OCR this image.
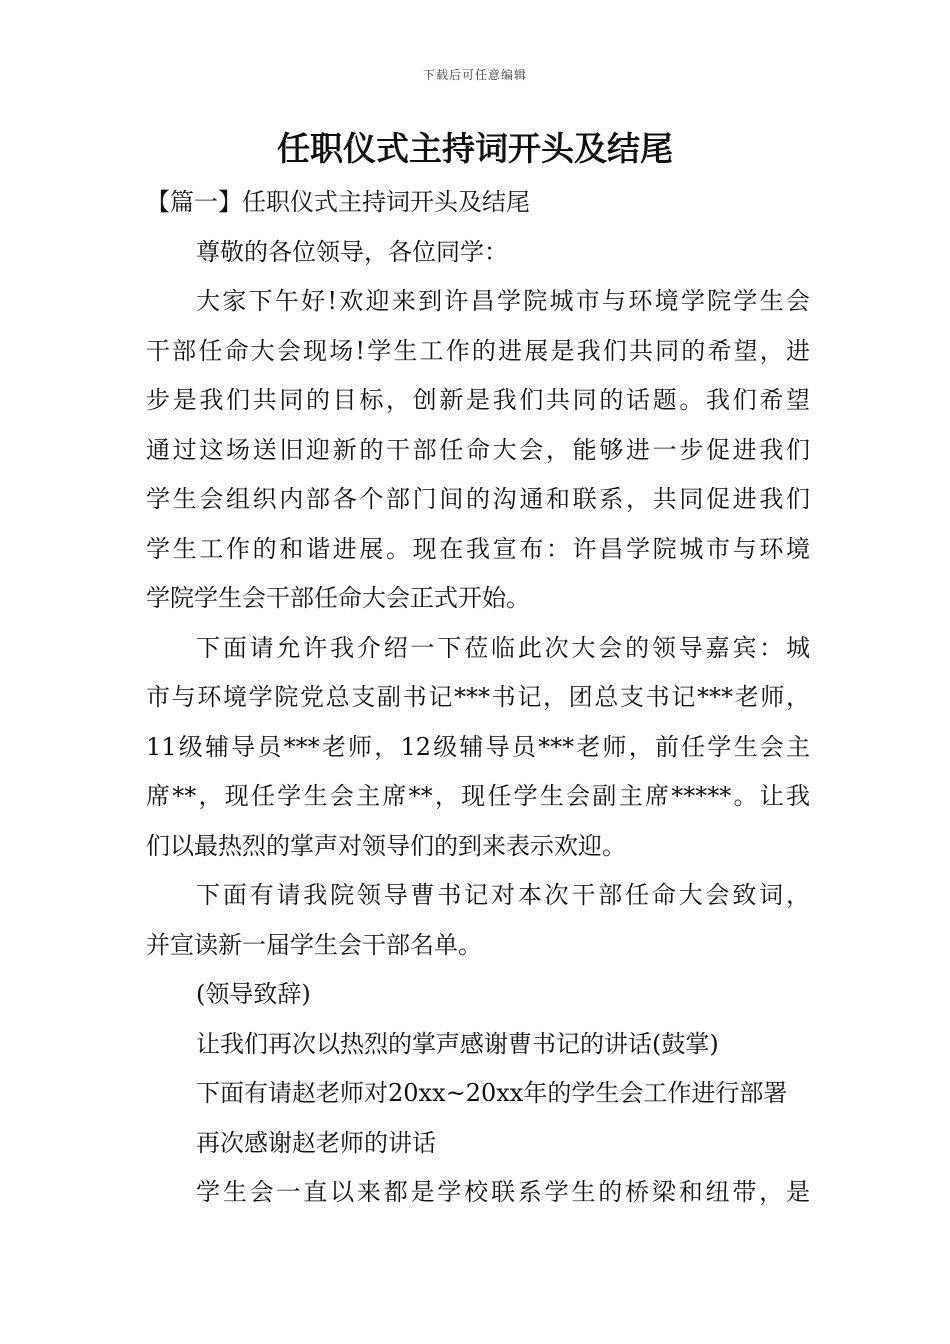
下载后可任意编辑
任职仪式主持词开头及结尾

【篇一】任职仪式主持词开头及结尾

尊敬的各位领导，各位同学：

大家下午好!欢迎来到许昌学院城市与环境学院学生会

干部任命大会现场!学生工作的进展是我们共同的希望，进

步是我们共同的目标，创新是我们共同的话题。我们希望

通过这场送旧迎新的干部任命大会，能够进一步促进我们

学生会组织内部各个部门间的沟通和联系，共同促进我们

学生工作的和谐进展。现在我宣布：许昌学院城市与环境

学院学生会干部任命大会正式开始。

下面请允许我介绍一下莅临此次大会的领导嘉宾：城

市与环境学院党总支副书记***书记，团总支书记***老师，

11级辅导员***老师，12级辅导员***老师，前任学生会主

席**，现任学生会主席**，现任学生会副主席*****。让我

们以最热烈的掌声对领导们的到来表示欢迎。

下面有请我院领导曹书记对本次干部任命大会致词，

并宣读新一届学生会干部名单。

(领导致辞)

让我们再次以热烈的掌声感谢曹书记的讲话(鼓掌)

下面有请赵老师对20xx~20xx年的学生会工作进行部署

再次感谢赵老师的讲话

学生会一直以来都是学校联系学生的桥梁和纽带，是
